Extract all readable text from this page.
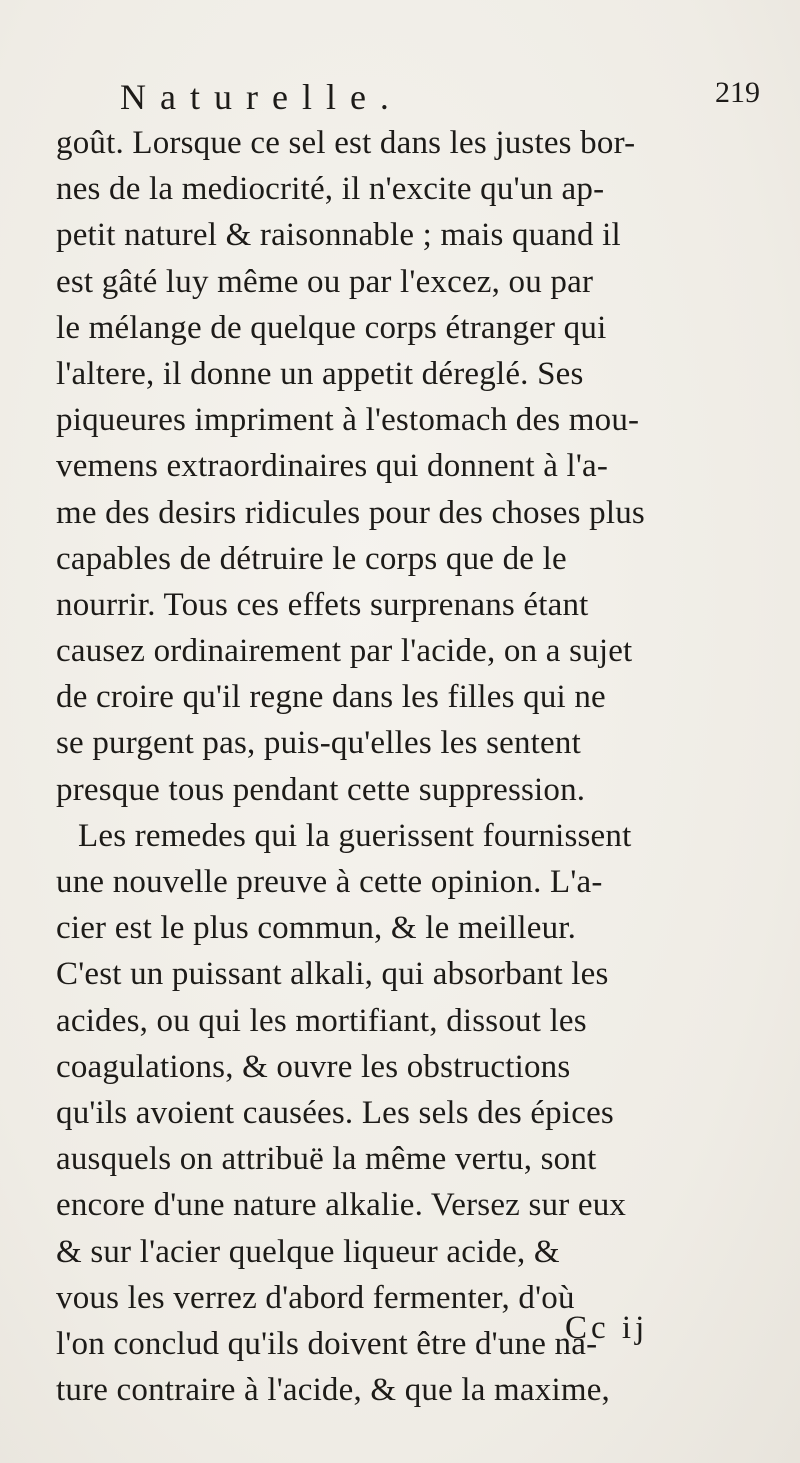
Naturelle.	219
goût. Lorsque ce sel est dans les justes bor-
nes de la mediocrité, il n'excite qu'un ap-
petit naturel & raisonnable ; mais quand il
est gâté luy même ou par l'excez, ou par
le mélange de quelque corps étranger qui
l'altere, il donne un appetit déreglé. Ses
piqueures impriment à l'estomach des mou-
vemens extraordinaires qui donnent à l'a-
me des desirs ridicules pour des choses plus
capables de détruire le corps que de le
nourrir. Tous ces effets surprenans étant
causez ordinairement par l'acide, on a sujet
de croire qu'il regne dans les filles qui ne
se purgent pas, puis-qu'elles les sentent
presque tous pendant cette suppression.
Les remedes qui la guerissent fournissent
une nouvelle preuve à cette opinion. L'a-
cier est le plus commun, & le meilleur.
C'est un puissant alkali, qui absorbant les
acides, ou qui les mortifiant, dissout les
coagulations, & ouvre les obstructions
qu'ils avoient causées. Les sels des épices
ausquels on attribuë la même vertu, sont
encore d'une nature alkalie. Versez sur eux
& sur l'acier quelque liqueur acide, &
vous les verrez d'abord fermenter, d'où
l'on conclud qu'ils doivent être d'une na-
ture contraire à l'acide, & que la maxime,
Cc ij
